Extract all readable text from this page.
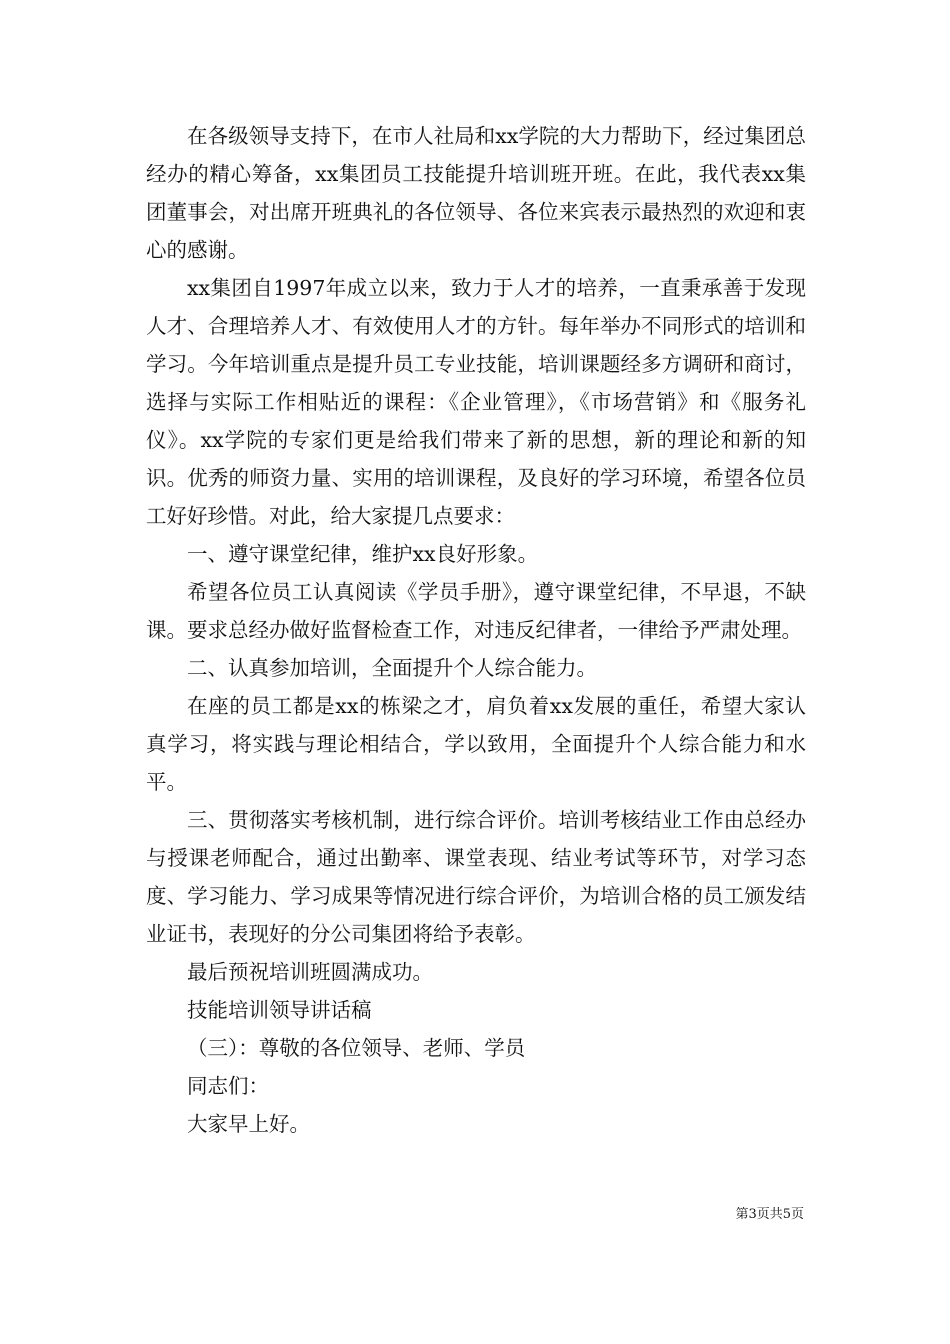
在各级领导支持下，在市人社局和xx学院的大力帮助下，经过集团总经办的精心筹备，xx集团员工技能提升培训班开班。在此，我代表xx集团董事会，对出席开班典礼的各位领导、各位来宾表示最热烈的欢迎和衷心的感谢。

xx集团自1997年成立以来，致力于人才的培养，一直秉承善于发现人才、合理培养人才、有效使用人才的方针。每年举办不同形式的培训和学习。今年培训重点是提升员工专业技能，培训课题经多方调研和商讨，选择与实际工作相贴近的课程：《企业管理》，《市场营销》和《服务礼仪》。xx学院的专家们更是给我们带来了新的思想，新的理论和新的知识。优秀的师资力量、实用的培训课程，及良好的学习环境，希望各位员工好好珍惜。对此，给大家提几点要求：

一、遵守课堂纪律，维护xx良好形象。

希望各位员工认真阅读《学员手册》，遵守课堂纪律，不早退，不缺课。要求总经办做好监督检查工作，对违反纪律者，一律给予严肃处理。

二、认真参加培训，全面提升个人综合能力。

在座的员工都是xx的栋梁之才，肩负着xx发展的重任，希望大家认真学习，将实践与理论相结合，学以致用，全面提升个人综合能力和水平。

三、贯彻落实考核机制，进行综合评价。培训考核结业工作由总经办与授课老师配合，通过出勤率、课堂表现、结业考试等环节，对学习态度、学习能力、学习成果等情况进行综合评价，为培训合格的员工颁发结业证书，表现好的分公司集团将给予表彰。

最后预祝培训班圆满成功。

技能培训领导讲话稿

（三）：尊敬的各位领导、老师、学员

同志们：

大家早上好。

第3页共5页
